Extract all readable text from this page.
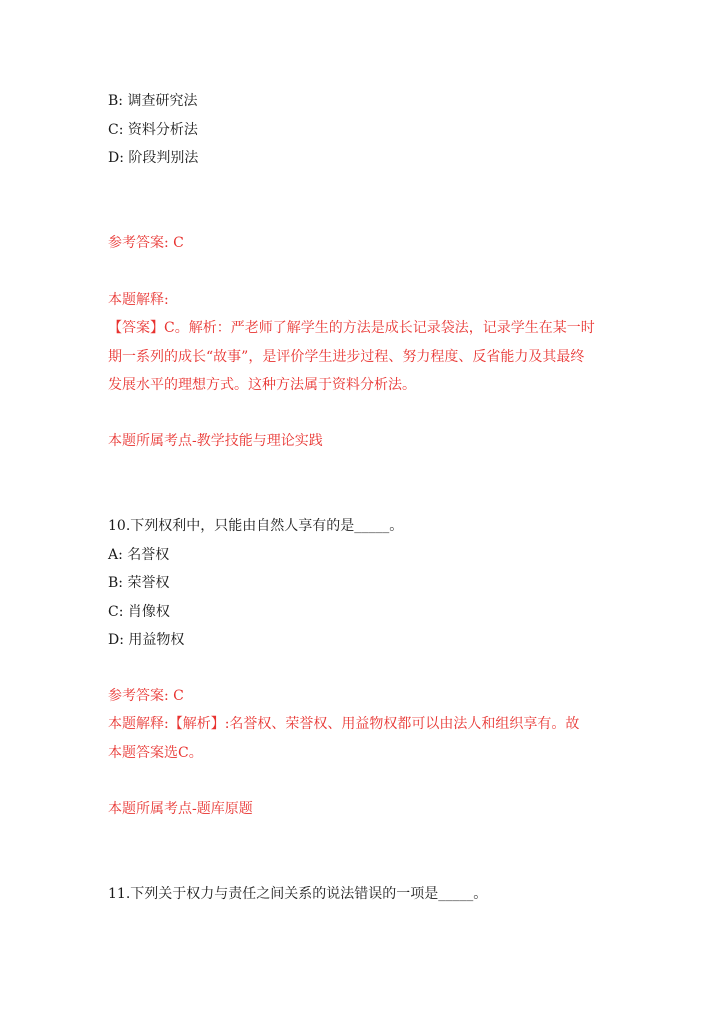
B: 调查研究法
C: 资料分析法
D: 阶段判别法
参考答案: C
本题解释:
【答案】C。解析：严老师了解学生的方法是成长记录袋法，记录学生在某一时
期一系列的成长“故事”，是评价学生进步过程、努力程度、反省能力及其最终
发展水平的理想方式。这种方法属于资料分析法。
本题所属考点-教学技能与理论实践
10.下列权利中，只能由自然人享有的是_____。
A: 名誉权
B: 荣誉权
C: 肖像权
D: 用益物权
参考答案: C
本题解释:【解析】:名誉权、荣誉权、用益物权都可以由法人和组织享有。故
本题答案选C。
本题所属考点-题库原题
11.下列关于权力与责任之间关系的说法错误的一项是_____。
